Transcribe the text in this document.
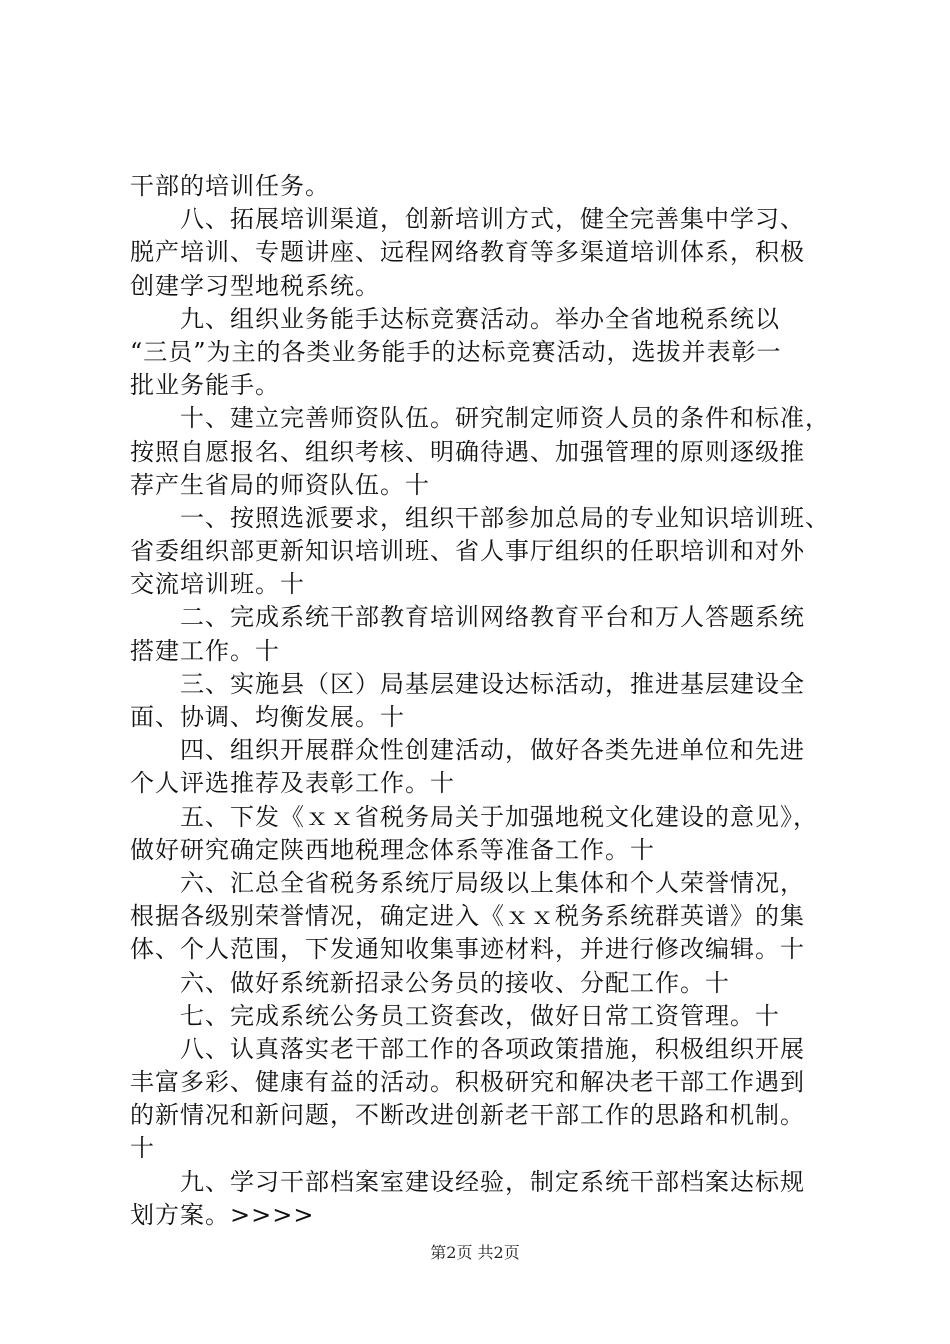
干部的培训任务。
　　八、拓展培训渠道，创新培训方式，健全完善集中学习、
脱产培训、专题讲座、远程网络教育等多渠道培训体系，积极
创建学习型地税系统。
　　九、组织业务能手达标竞赛活动。举办全省地税系统以
“三员”为主的各类业务能手的达标竞赛活动，选拔并表彰一
批业务能手。
　　十、建立完善师资队伍。研究制定师资人员的条件和标准，
按照自愿报名、组织考核、明确待遇、加强管理的原则逐级推
荐产生省局的师资队伍。十
　　一、按照选派要求，组织干部参加总局的专业知识培训班、
省委组织部更新知识培训班、省人事厅组织的任职培训和对外
交流培训班。十
　　二、完成系统干部教育培训网络教育平台和万人答题系统
搭建工作。十
　　三、实施县（区）局基层建设达标活动，推进基层建设全
面、协调、均衡发展。十
　　四、组织开展群众性创建活动，做好各类先进单位和先进
个人评选推荐及表彰工作。十
　　五、下发《ｘｘ省税务局关于加强地税文化建设的意见》，
做好研究确定陕西地税理念体系等准备工作。十
　　六、汇总全省税务系统厅局级以上集体和个人荣誉情况，
根据各级别荣誉情况，确定进入《ｘｘ税务系统群英谱》的集
体、个人范围，下发通知收集事迹材料，并进行修改编辑。十
　　六、做好系统新招录公务员的接收、分配工作。十
　　七、完成系统公务员工资套改，做好日常工资管理。十
　　八、认真落实老干部工作的各项政策措施，积极组织开展
丰富多彩、健康有益的活动。积极研究和解决老干部工作遇到
的新情况和新问题，不断改进创新老干部工作的思路和机制。
十
　　九、学习干部档案室建设经验，制定系统干部档案达标规
划方案。>>>>
第2页 共2页
